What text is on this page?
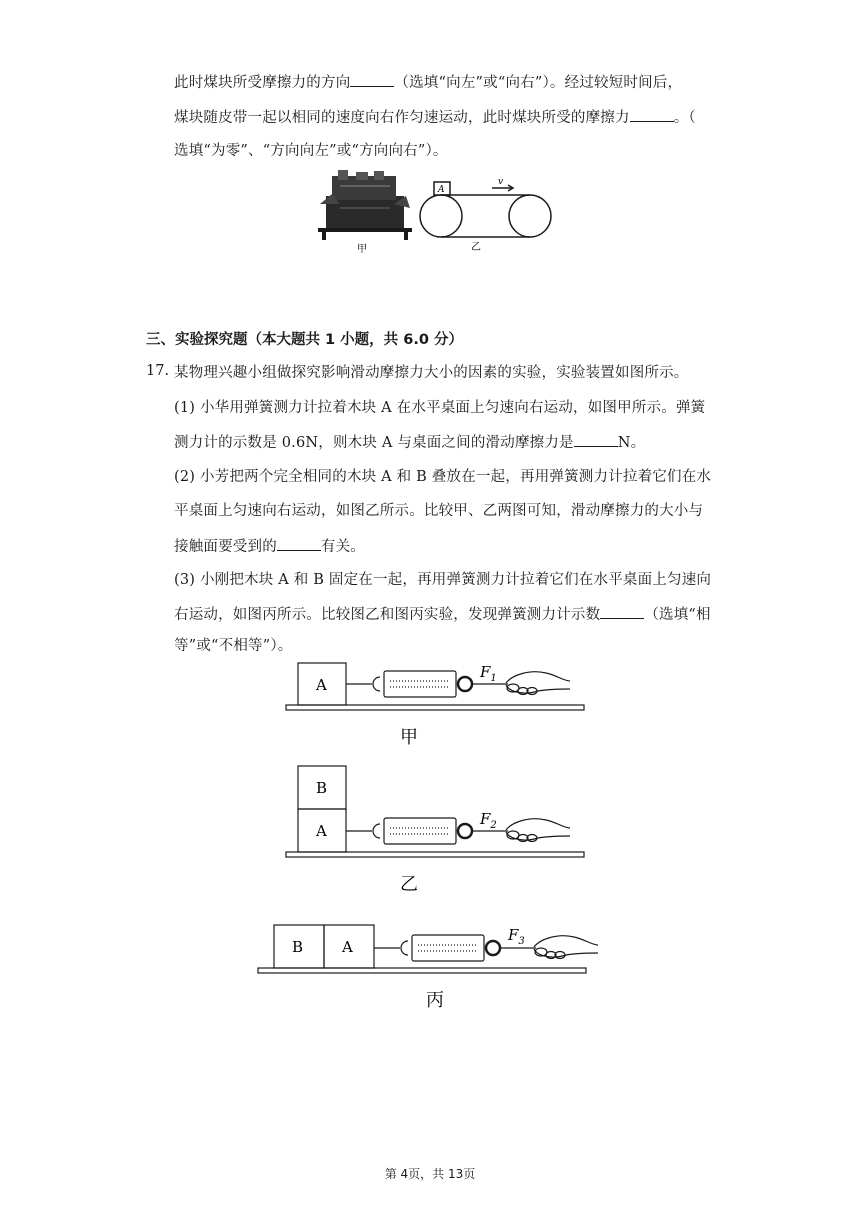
此时煤块所受摩擦力的方向	（选填“向左”或“向右”）。经过较短时间后，
煤块随皮带一起以相同的速度向右作匀速运动，此时煤块所受的摩擦力	。（
选填“为零”、“方向向左”或“方向向右”）。
甲
A
v
乙
三、实验探究题（本大题共 1 小题，共 6.0 分）
17. 某物理兴趣小组做探究影响滑动摩擦力大小的因素的实验，实验装置如图所示。
(1) 小华用弹簧测力计拉着木块 A 在水平桌面上匀速向右运动，如图甲所示。弹簧
测力计的示数是 0.6N，则木块 A 与桌面之间的滑动摩擦力是	N。
(2) 小芳把两个完全相同的木块 A 和 B 叠放在一起，再用弹簧测力计拉着它们在水
平桌面上匀速向右运动，如图乙所示。比较甲、乙两图可知，滑动摩擦力的大小与
接触面要受到的	有关。
(3) 小刚把木块 A 和 B 固定在一起，再用弹簧测力计拉着它们在水平桌面上匀速向
右运动，如图丙所示。比较图乙和图丙实验，发现弹簧测力计示数	（选填“相
等”或“不相等”）。
A
$F_1$
甲
B
A
$F_2$
乙
B	A
$F_3$
丙
第 4页，共 13页
